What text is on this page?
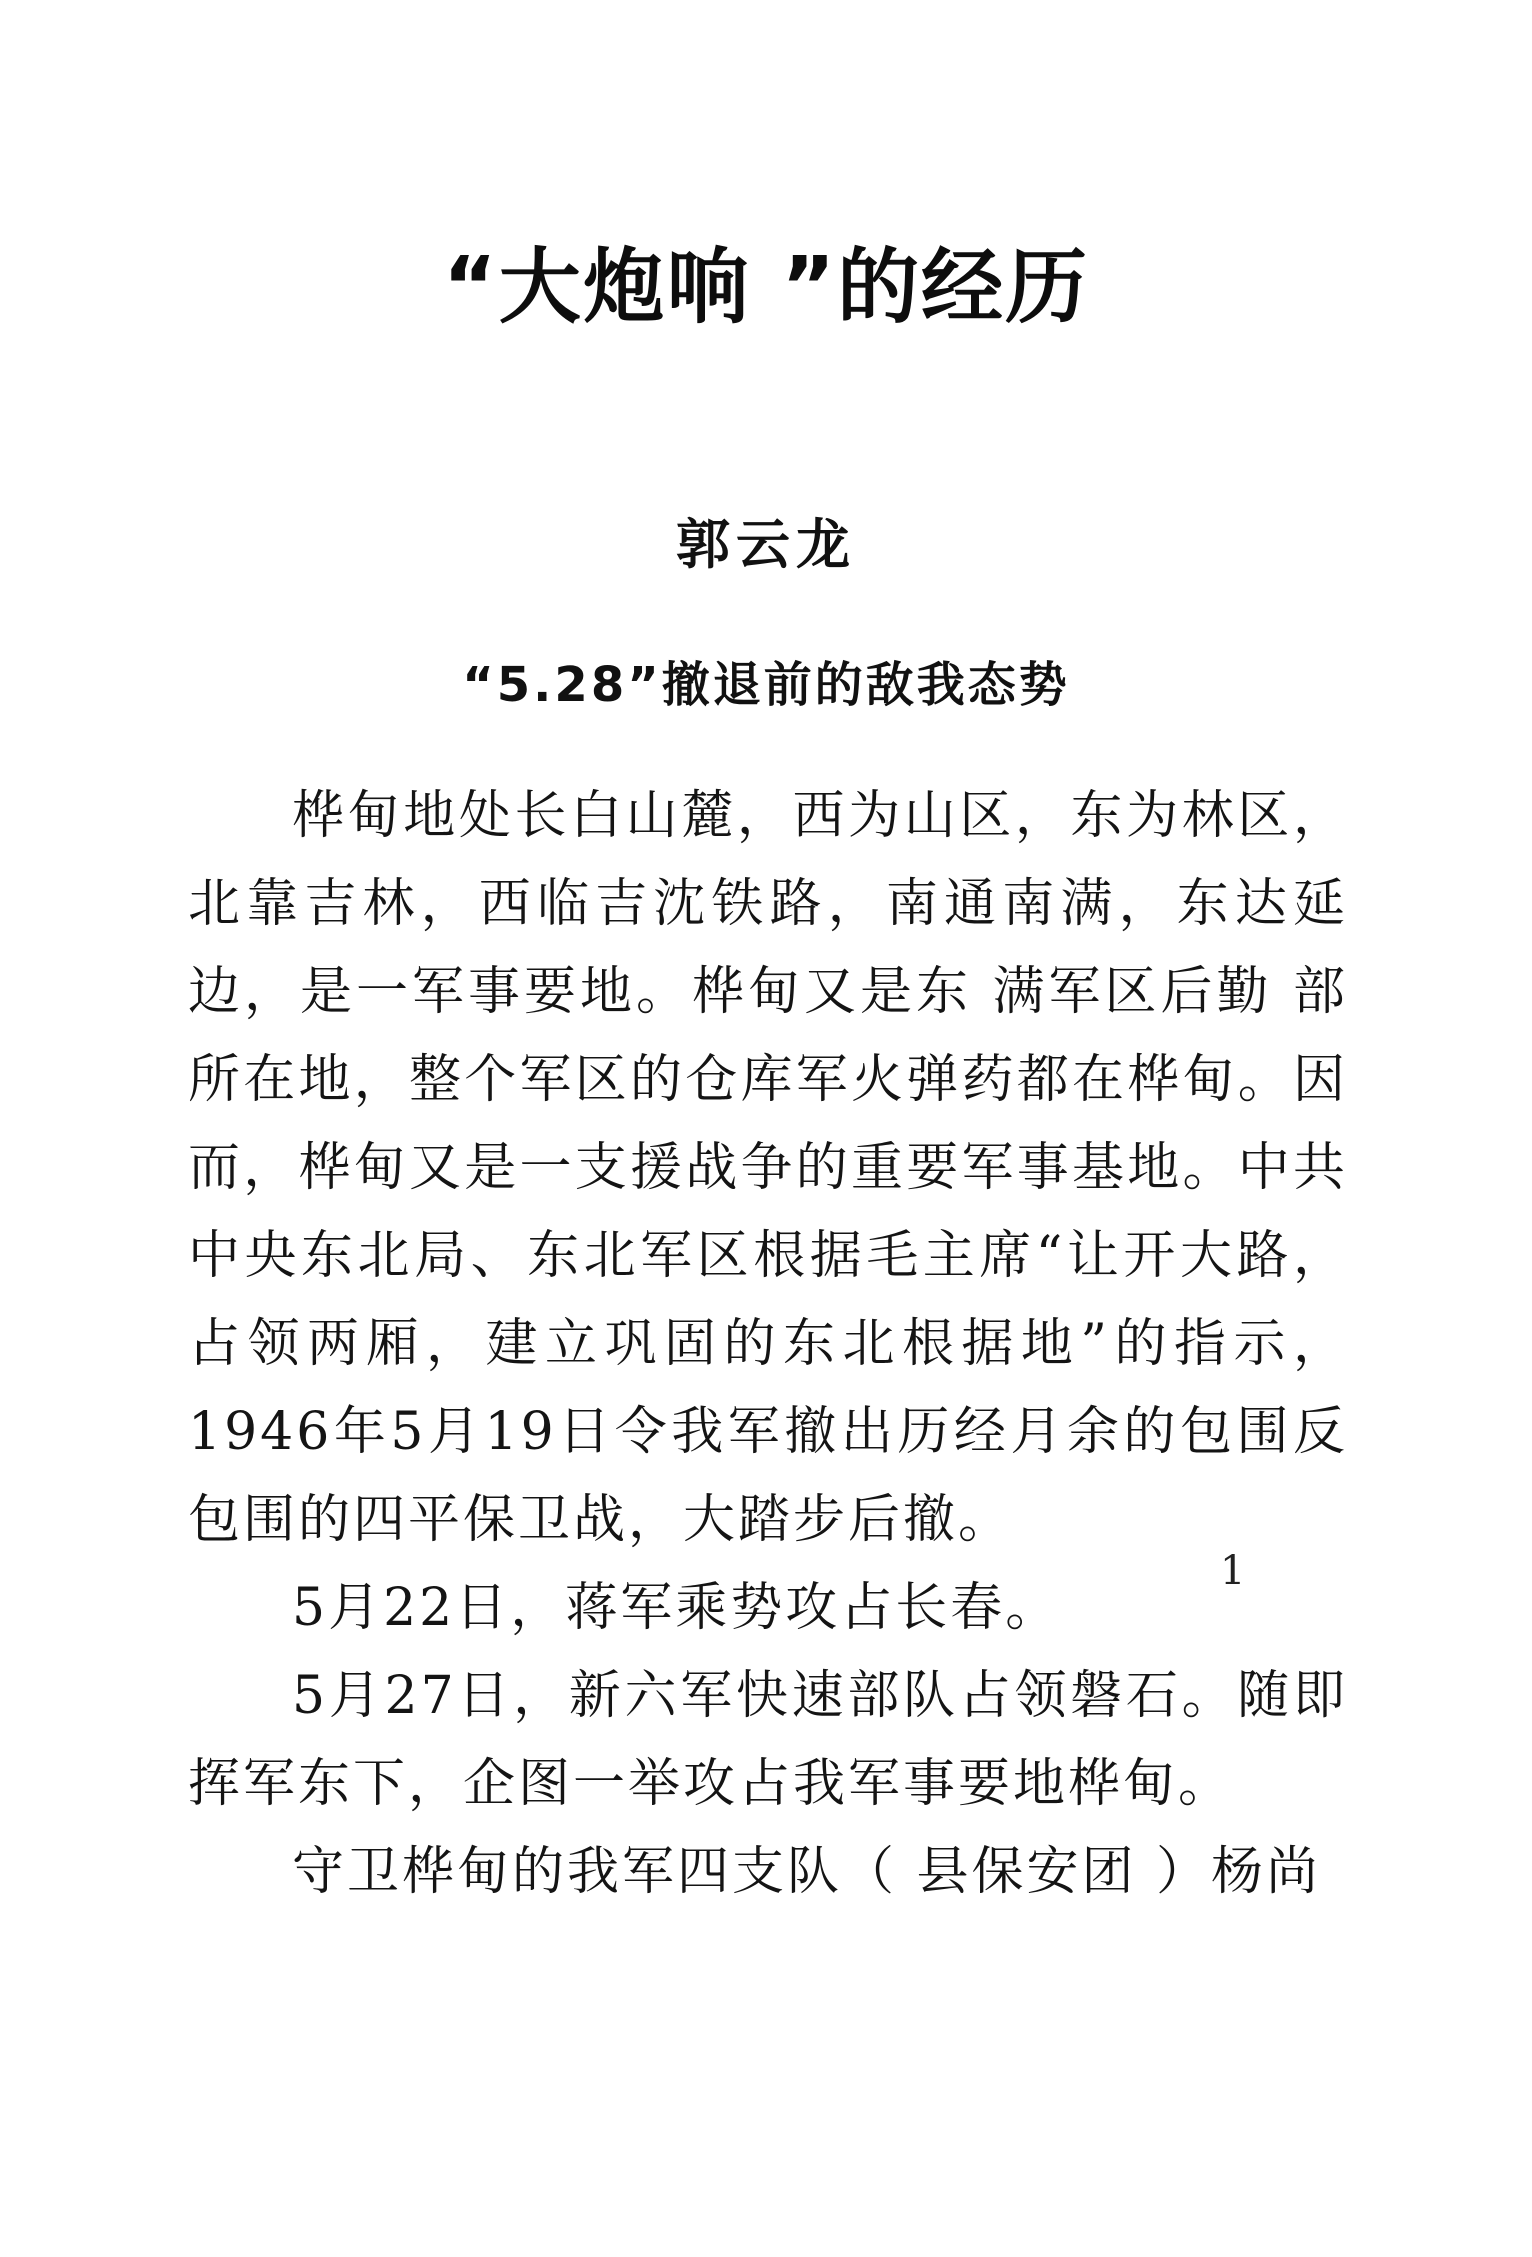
“大炮响 ”的经历
郭云龙
“5.28”撤退前的敌我态势

桦甸地处长白山麓，西为山区，东为林区，北靠吉林，西临吉沈铁路，南通南满，东达延边，是一军事要地。桦甸又是东 满军区后勤 部所在地，整个军区的仓库军火弹药都在桦甸。因而，桦甸又是一支援战争的重要军事基地。中共中央东北局、东北军区根据毛主席“让开大路，占领两厢，建立巩固的东北根据地”的指示，1946年5月19日令我军撤出历经月余的包围反 包围的四平保卫战，大踏步后撤。

5月22日，蒋军乘势攻占长春。

5月27日，新六军快速部队占领磐石。随即挥军东下，企图一举攻占我军事要地桦甸。

守卫桦甸的我军四支队（ 县保安团 ）杨尚

1
